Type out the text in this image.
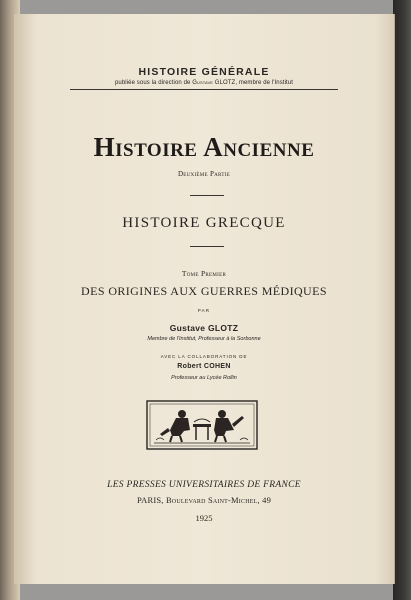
HISTOIRE GÉNÉRALE
publiée sous la direction de Gustave GLOTZ, membre de l'Institut
Histoire Ancienne
Deuxième Partie
HISTOIRE GRECQUE
Tome Premier
DES ORIGINES AUX GUERRES MÉDIQUES
PAR
Gustave GLOTZ
Membre de l'Institut, Professeur à la Sorbonne
AVEC LA COLLABORATION DE
Robert COHEN
Professeur au Lycée Rollin
LES PRESSES UNIVERSITAIRES DE FRANCE
PARIS, Boulevard Saint-Michel, 49
1925
